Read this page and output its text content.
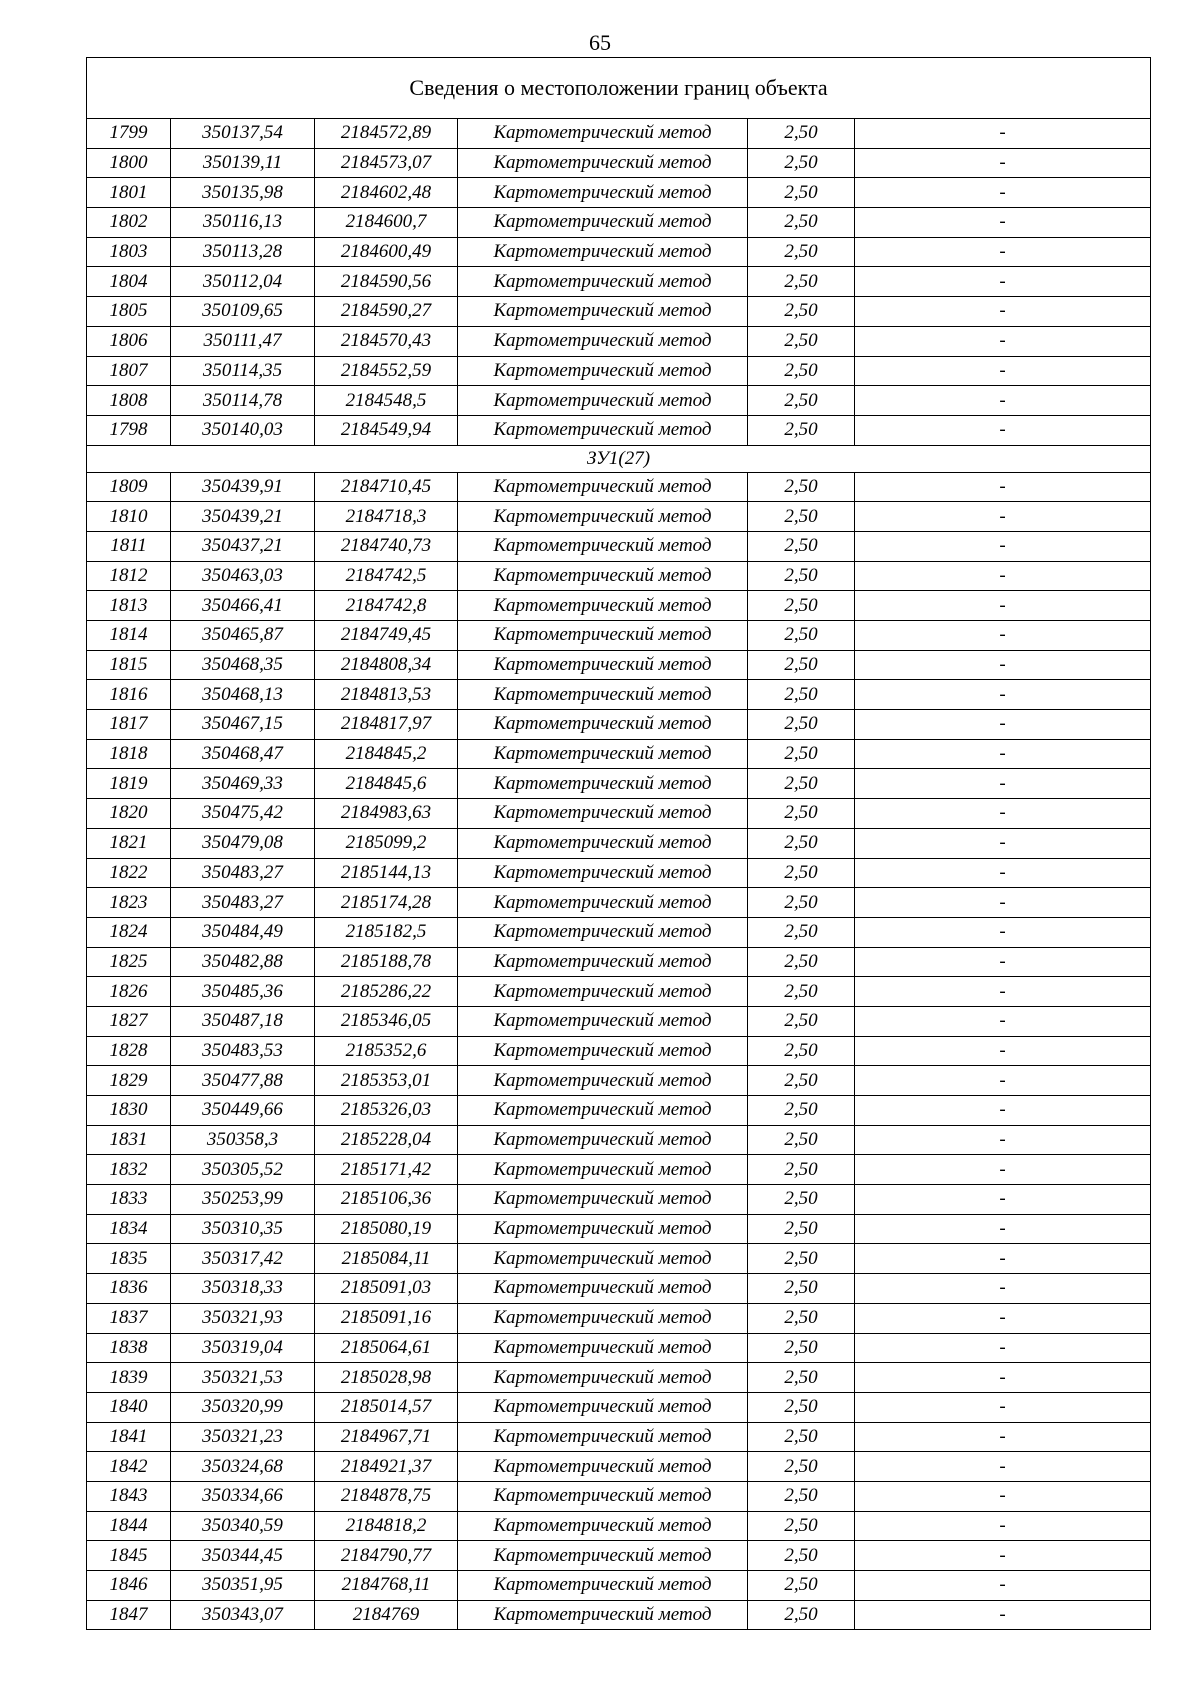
65
Сведения о местоположении границ объекта					
1799	350137,54	2184572,89	Картометрический метод	2,50	-
1800	350139,11	2184573,07	Картометрический метод	2,50	-
1801	350135,98	2184602,48	Картометрический метод	2,50	-
1802	350116,13	2184600,7	Картометрический метод	2,50	-
1803	350113,28	2184600,49	Картометрический метод	2,50	-
1804	350112,04	2184590,56	Картометрический метод	2,50	-
1805	350109,65	2184590,27	Картометрический метод	2,50	-
1806	350111,47	2184570,43	Картометрический метод	2,50	-
1807	350114,35	2184552,59	Картометрический метод	2,50	-
1808	350114,78	2184548,5	Картометрический метод	2,50	-
1798	350140,03	2184549,94	Картометрический метод	2,50	-
ЗУ1(27)					
1809	350439,91	2184710,45	Картометрический метод	2,50	-
1810	350439,21	2184718,3	Картометрический метод	2,50	-
1811	350437,21	2184740,73	Картометрический метод	2,50	-
1812	350463,03	2184742,5	Картометрический метод	2,50	-
1813	350466,41	2184742,8	Картометрический метод	2,50	-
1814	350465,87	2184749,45	Картометрический метод	2,50	-
1815	350468,35	2184808,34	Картометрический метод	2,50	-
1816	350468,13	2184813,53	Картометрический метод	2,50	-
1817	350467,15	2184817,97	Картометрический метод	2,50	-
1818	350468,47	2184845,2	Картометрический метод	2,50	-
1819	350469,33	2184845,6	Картометрический метод	2,50	-
1820	350475,42	2184983,63	Картометрический метод	2,50	-
1821	350479,08	2185099,2	Картометрический метод	2,50	-
1822	350483,27	2185144,13	Картометрический метод	2,50	-
1823	350483,27	2185174,28	Картометрический метод	2,50	-
1824	350484,49	2185182,5	Картометрический метод	2,50	-
1825	350482,88	2185188,78	Картометрический метод	2,50	-
1826	350485,36	2185286,22	Картометрический метод	2,50	-
1827	350487,18	2185346,05	Картометрический метод	2,50	-
1828	350483,53	2185352,6	Картометрический метод	2,50	-
1829	350477,88	2185353,01	Картометрический метод	2,50	-
1830	350449,66	2185326,03	Картометрический метод	2,50	-
1831	350358,3	2185228,04	Картометрический метод	2,50	-
1832	350305,52	2185171,42	Картометрический метод	2,50	-
1833	350253,99	2185106,36	Картометрический метод	2,50	-
1834	350310,35	2185080,19	Картометрический метод	2,50	-
1835	350317,42	2185084,11	Картометрический метод	2,50	-
1836	350318,33	2185091,03	Картометрический метод	2,50	-
1837	350321,93	2185091,16	Картометрический метод	2,50	-
1838	350319,04	2185064,61	Картометрический метод	2,50	-
1839	350321,53	2185028,98	Картометрический метод	2,50	-
1840	350320,99	2185014,57	Картометрический метод	2,50	-
1841	350321,23	2184967,71	Картометрический метод	2,50	-
1842	350324,68	2184921,37	Картометрический метод	2,50	-
1843	350334,66	2184878,75	Картометрический метод	2,50	-
1844	350340,59	2184818,2	Картометрический метод	2,50	-
1845	350344,45	2184790,77	Картометрический метод	2,50	-
1846	350351,95	2184768,11	Картометрический метод	2,50	-
1847	350343,07	2184769	Картометрический метод	2,50	-
